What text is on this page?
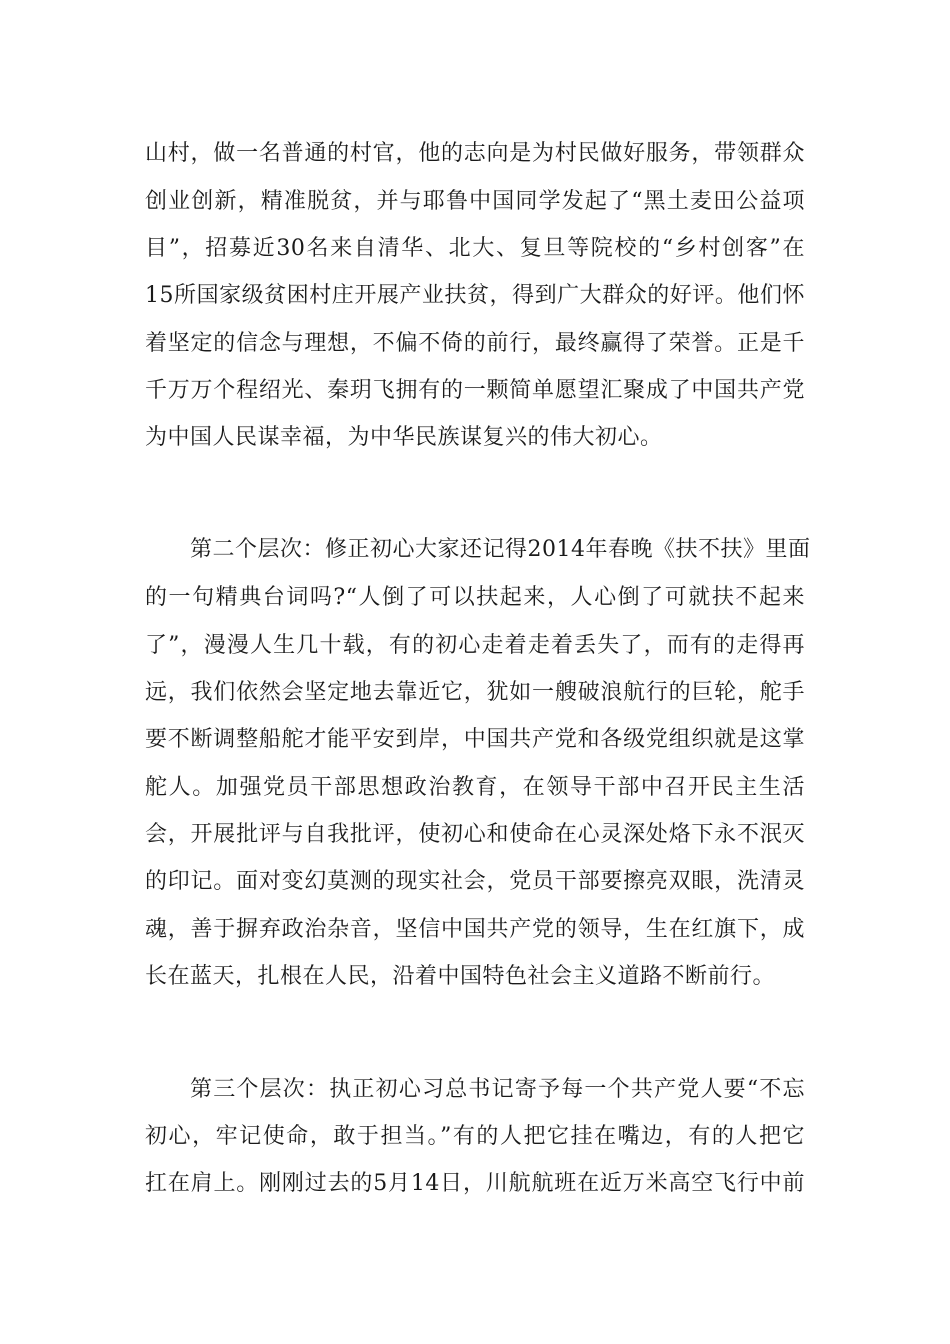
山村，做一名普通的村官，他的志向是为村民做好服务，带领群众
创业创新，精准脱贫，并与耶鲁中国同学发起了“黑土麦田公益项
目”，招募近30名来自清华、北大、复旦等院校的“乡村创客”在
15所国家级贫困村庄开展产业扶贫，得到广大群众的好评。他们怀
着坚定的信念与理想，不偏不倚的前行，最终赢得了荣誉。正是千
千万万个程绍光、秦玥飞拥有的一颗简单愿望汇聚成了中国共产党
为中国人民谋幸福，为中华民族谋复兴的伟大初心。
第二个层次：修正初心大家还记得2014年春晚《扶不扶》里面
的一句精典台词吗?“人倒了可以扶起来，人心倒了可就扶不起来
了”，漫漫人生几十载，有的初心走着走着丢失了，而有的走得再
远，我们依然会坚定地去靠近它，犹如一艘破浪航行的巨轮，舵手
要不断调整船舵才能平安到岸，中国共产党和各级党组织就是这掌
舵人。加强党员干部思想政治教育，在领导干部中召开民主生活
会，开展批评与自我批评，使初心和使命在心灵深处烙下永不泯灭
的印记。面对变幻莫测的现实社会，党员干部要擦亮双眼，洗清灵
魂，善于摒弃政治杂音，坚信中国共产党的领导，生在红旗下，成
长在蓝天，扎根在人民，沿着中国特色社会主义道路不断前行。
第三个层次：执正初心习总书记寄予每一个共产党人要“不忘
初心，牢记使命，敢于担当。”有的人把它挂在嘴边，有的人把它
扛在肩上。刚刚过去的5月14日，川航航班在近万米高空飞行中前
